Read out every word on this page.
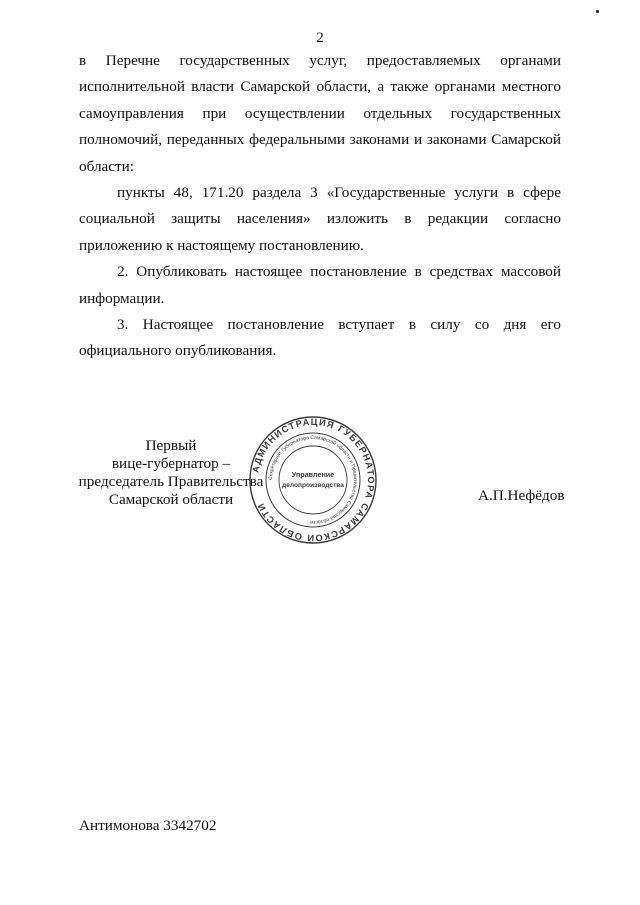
2

в Перечне государственных услуг, предоставляемых органами исполнительной власти Самарской области, а также органами местного самоуправления при осуществлении отдельных государственных полномочий, переданных федеральными законами и законами Самарской области:

пункты 48, 171.20 раздела 3 «Государственные услуги в сфере социальной защиты населения» изложить в редакции согласно приложению к настоящему постановлению.

2. Опубликовать настоящее постановление в средствах массовой информации.

3. Настоящее постановление вступает в силу со дня его официального опубликования.

Первый
вице-губернатор –
председатель Правительства
Самарской области
АДМИНИСТРАЦИЯ ГУБЕРНАТОРА САМАРСКОЙ ОБЛАСТИ
Секретариат Губернатора Самарской области и Правительства Самарской области
Управление
делопроизводства
А.П.Нефёдов
Антимонова 3342702
